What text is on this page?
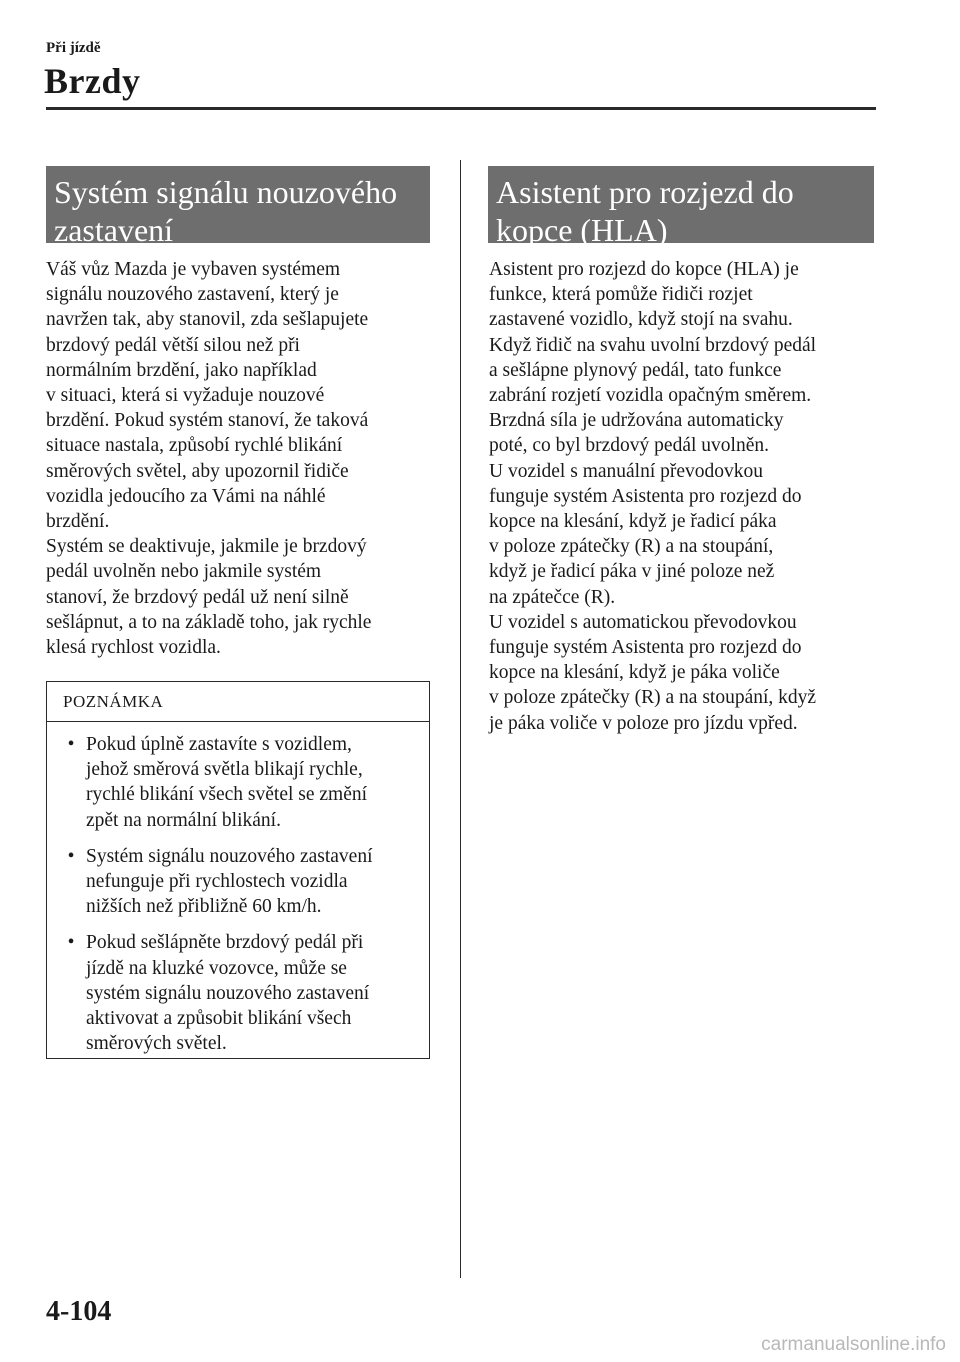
Při jízdě
Brzdy
Systém signálu nouzového
zastavení

Váš vůz Mazda je vybaven systémem
signálu nouzového zastavení, který je
navržen tak, aby stanovil, zda sešlapujete
brzdový pedál větší silou než při
normálním brzdění, jako například
v situaci, která si vyžaduje nouzové
brzdění. Pokud systém stanoví, že taková
situace nastala, způsobí rychlé blikání
směrových světel, aby upozornil řidiče
vozidla jedoucího za Vámi na náhlé
brzdění.

Systém se deaktivuje, jakmile je brzdový
pedál uvolněn nebo jakmile systém
stanoví, že brzdový pedál už není silně
sešlápnut, a to na základě toho, jak rychle
klesá rychlost vozidla.

POZNÁMKA
• Pokud úplně zastavíte s vozidlem,
jehož směrová světla blikají rychle,
rychlé blikání všech světel se změní
zpět na normální blikání.
• Systém signálu nouzového zastavení
nefunguje při rychlostech vozidla
nižších než přibližně 60 km/h.
• Pokud sešlápněte brzdový pedál při
jízdě na kluzké vozovce, může se
systém signálu nouzového zastavení
aktivovat a způsobit blikání všech
směrových světel.
Asistent pro rozjezd do
kopce (HLA)

Asistent pro rozjezd do kopce (HLA) je
funkce, která pomůže řidiči rozjet
zastavené vozidlo, když stojí na svahu.
Když řidič na svahu uvolní brzdový pedál
a sešlápne plynový pedál, tato funkce
zabrání rozjetí vozidla opačným směrem.
Brzdná síla je udržována automaticky
poté, co byl brzdový pedál uvolněn.

U vozidel s manuální převodovkou
funguje systém Asistenta pro rozjezd do
kopce na klesání, když je řadicí páka
v poloze zpátečky (R) a na stoupání,
když je řadicí páka v jiné poloze než
na zpátečce (R).

U vozidel s automatickou převodovkou
funguje systém Asistenta pro rozjezd do
kopce na klesání, když je páka voliče
v poloze zpátečky (R) a na stoupání, když
je páka voliče v poloze pro jízdu vpřed.

4-104
carmanualsonline.info
